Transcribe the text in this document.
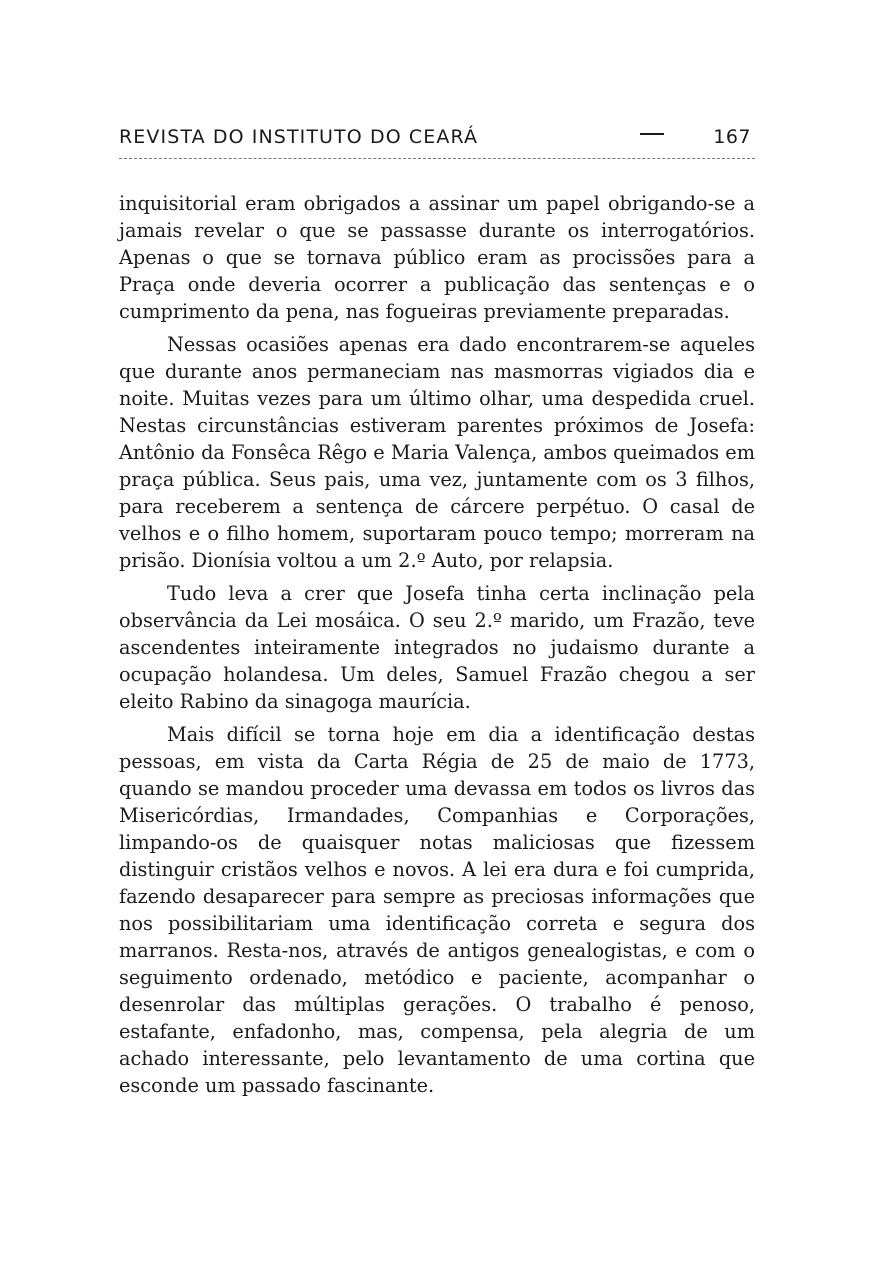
REVISTA DO INSTITUTO DO CEARÁ	167

inquisitorial eram obrigados a assinar um papel obrigando-se a jamais revelar o que se passasse durante os interrogatórios. Apenas o que se tornava público eram as procissões para a Praça onde deveria ocorrer a publicação das sentenças e o cumprimento da pena, nas fogueiras previamente preparadas.

Nessas ocasiões apenas era dado encontrarem-se aqueles que durante anos permaneciam nas masmorras vigiados dia e noite. Muitas vezes para um último olhar, uma despedida cruel. Nestas circunstâncias estiveram parentes próximos de Josefa: Antônio da Fonsêca Rêgo e Maria Valença, ambos queimados em praça pública. Seus pais, uma vez, juntamente com os 3 filhos, para receberem a sentença de cárcere perpétuo. O casal de velhos e o filho homem, suportaram pouco tempo; morreram na prisão. Dionísia voltou a um 2.º Auto, por relapsia.

Tudo leva a crer que Josefa tinha certa inclinação pela observância da Lei mosáica. O seu 2.º marido, um Frazão, teve ascendentes inteiramente integrados no judaismo durante a ocupação holandesa. Um deles, Samuel Frazão chegou a ser eleito Rabino da sinagoga maurícia.

Mais difícil se torna hoje em dia a identificação destas pessoas, em vista da Carta Régia de 25 de maio de 1773, quando se mandou proceder uma devassa em todos os livros das Misericórdias, Irmandades, Companhias e Corporações, limpando-os de quaisquer notas maliciosas que fizessem distinguir cristãos velhos e novos. A lei era dura e foi cumprida, fazendo desaparecer para sempre as preciosas informações que nos possibilitariam uma identificação correta e segura dos marranos. Resta-nos, através de antigos genealogistas, e com o seguimento ordenado, metódico e paciente, acompanhar o desenrolar das múltiplas gerações. O trabalho é penoso, estafante, enfadonho, mas, compensa, pela alegria de um achado interessante, pelo levantamento de uma cortina que esconde um passado fascinante.
